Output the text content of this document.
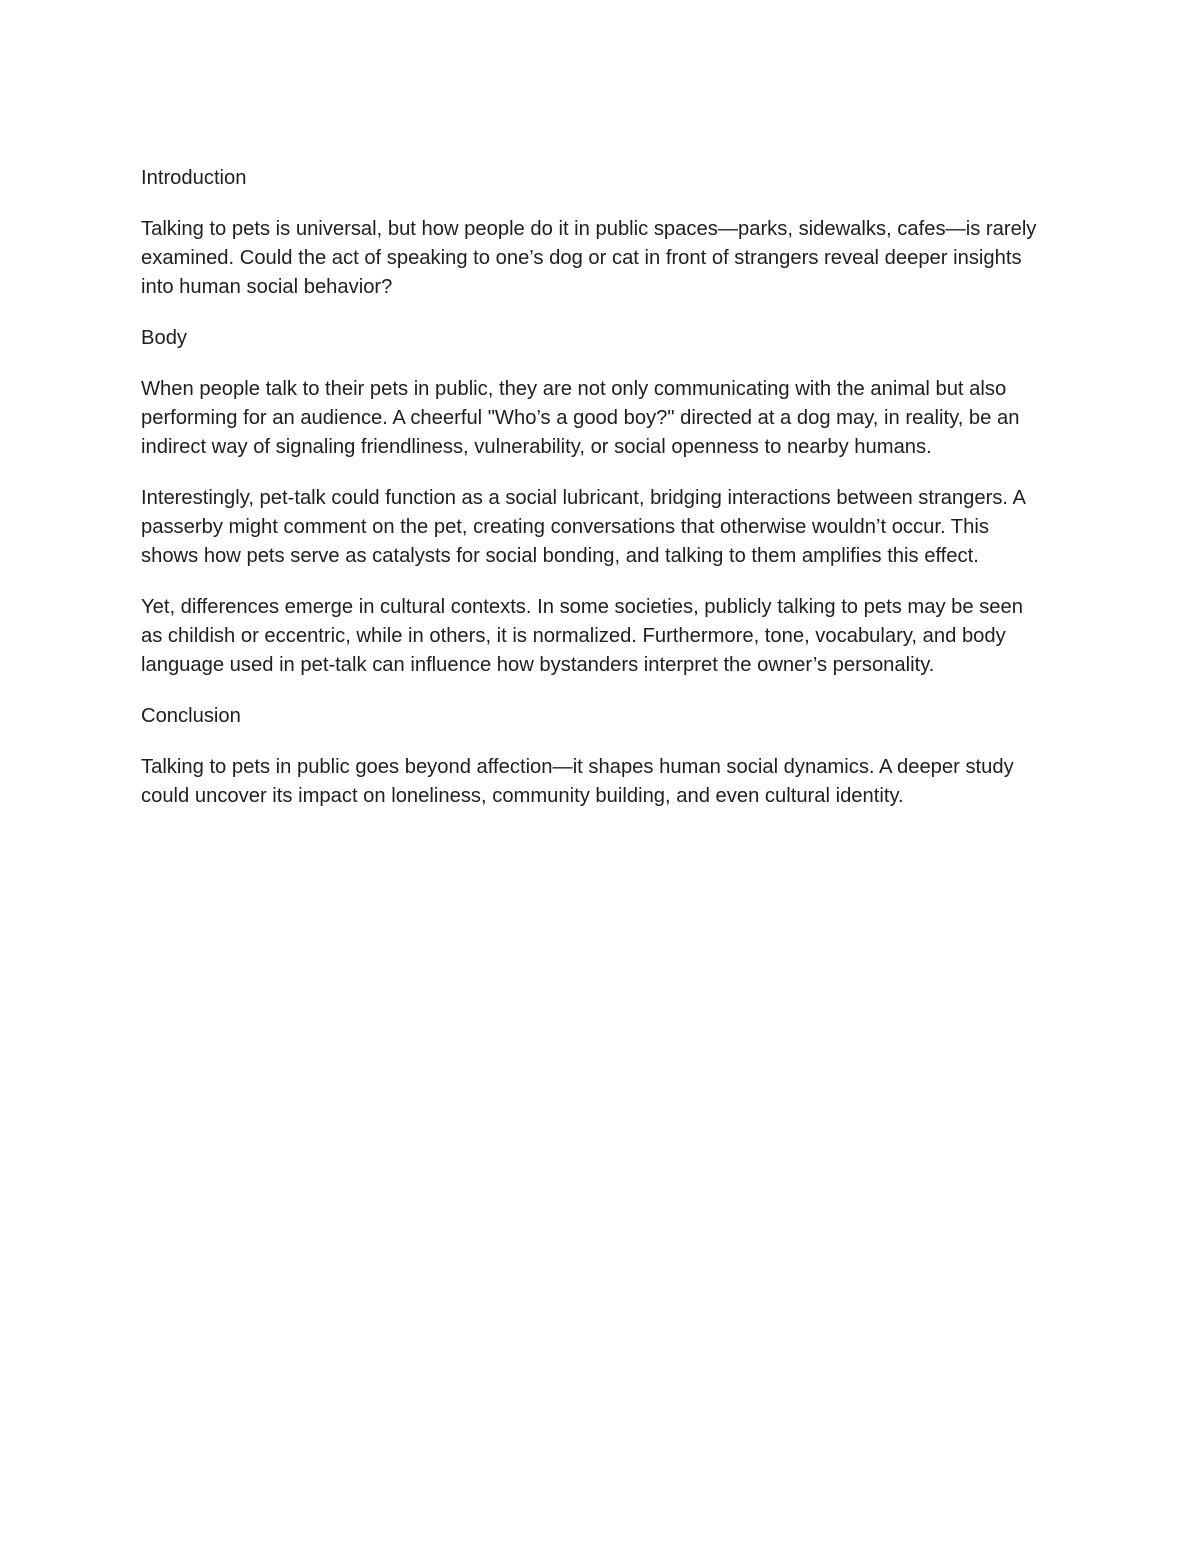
Introduction

Talking to pets is universal, but how people do it in public spaces—parks, sidewalks, cafes—is rarely examined. Could the act of speaking to one’s dog or cat in front of strangers reveal deeper insights into human social behavior?

Body

When people talk to their pets in public, they are not only communicating with the animal but also performing for an audience. A cheerful "Who’s a good boy?" directed at a dog may, in reality, be an indirect way of signaling friendliness, vulnerability, or social openness to nearby humans.

Interestingly, pet-talk could function as a social lubricant, bridging interactions between strangers. A passerby might comment on the pet, creating conversations that otherwise wouldn’t occur. This shows how pets serve as catalysts for social bonding, and talking to them amplifies this effect.

Yet, differences emerge in cultural contexts. In some societies, publicly talking to pets may be seen as childish or eccentric, while in others, it is normalized. Furthermore, tone, vocabulary, and body language used in pet-talk can influence how bystanders interpret the owner’s personality.

Conclusion

Talking to pets in public goes beyond affection—it shapes human social dynamics. A deeper study could uncover its impact on loneliness, community building, and even cultural identity.
